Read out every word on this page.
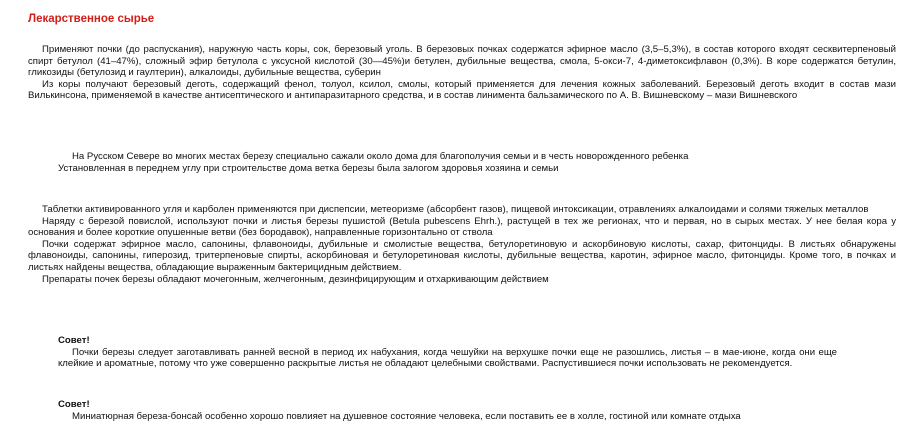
Лекарственное сырье

Применяют почки (до распускания), наружную часть коры, сок, березовый уголь. В березовых почках содержатся эфирное масло (3,5–5,3%), в состав которого входят сесквитерпеновый спирт бетулол (41–47%), сложный эфир бетулола с уксусной кислотой (30—45%)и бетулен, дубильные вещества, смола, 5-окси-7, 4-диметоксифлавон (0,3%). В коре содержатся бетулин, гликозиды (бетулозид и гаултерин), алкалоиды, дубильные вещества, суберин

Из коры получают березовый деготь, содержащий фенол, толуол, ксилол, смолы, который применяется для лечения кожных заболеваний. Березовый деготь входит в состав мази Вилькинсона, применяемой в качестве антисептического и антипаразитарного средства, и в состав линимента бальзамического по А. В. Вишневскому – мази Вишневского

На Русском Севере во многих местах березу специально сажали около дома для благополучия семьи и в честь новорожденного ребенка

Установленная в переднем углу при строительстве дома ветка березы была залогом здоровья хозяина и семьи

Таблетки активированного угля и карболен применяются при диспепсии, метеоризме (абсорбент газов), пищевой интоксикации, отравлениях алкалоидами и солями тяжелых металлов

Наряду с березой повислой, используют почки и листья березы пушистой (Betula pubescens Ehrh.), растущей в тех же регионах, что и первая, но в сырых местах. У нее белая кора у основания и более короткие опушенные ветви (без бородавок), направленные горизонтально от ствола

Почки содержат эфирное масло, сапонины, флавоноиды, дубильные и смолистые вещества, бетулоретиновую и аскорбиновую кислоты, сахар, фитонциды. В листьях обнаружены флавоноиды, сапонины, гиперозид, тритерпеновые спирты, аскорбиновая и бетулоретиновая кислоты, дубильные вещества, каротин, эфирное масло, фитонциды. Кроме того, в почках и листьях найдены вещества, обладающие выраженным бактерицидным действием.

Препараты почек березы обладают мочегонным, желчегонным, дезинфицирующим и отхаркивающим действием

Совет!

Почки березы следует заготавливать ранней весной в период их набухания, когда чешуйки на верхушке почки еще не разошлись, листья – в мае-июне, когда они еще клейкие и ароматные, потому что уже совершенно раскрытые листья не обладают целебными свойствами. Распустившиеся почки использовать не рекомендуется.

Совет!

Миниатюрная береза-бонсай особенно хорошо повлияет на душевное состояние человека, если поставить ее в холле, гостиной или комнате отдыха
